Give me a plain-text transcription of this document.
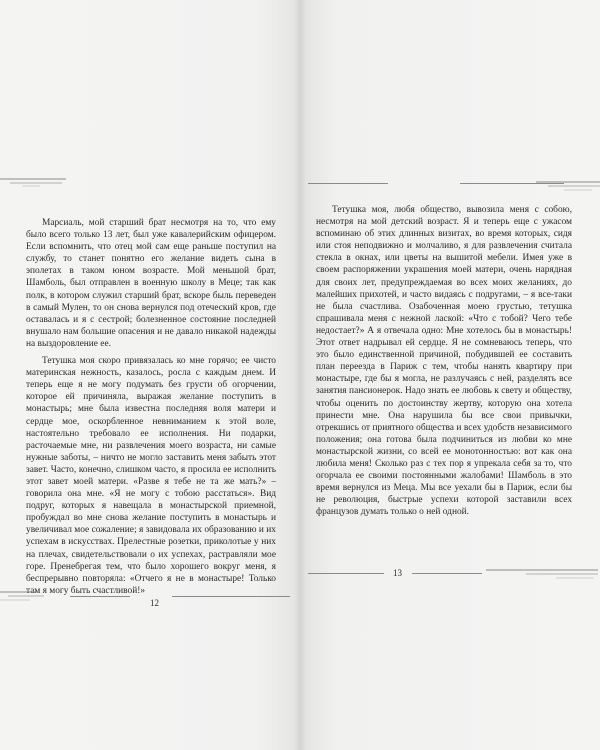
Марсиаль, мой старший брат несмотря на то, что ему было всего только 13 лет, был уже кавалерийским офицером. Если вспомнить, что отец мой сам еще раньше поступил на службу, то станет понятно его желание видеть сына в эполетах в таком юном возрасте. Мой меньшой брат, Шамболь, был отправлен в военную школу в Меце; так как полк, в котором служил старший брат, вскоре быль переведен в самый Мулен, то он снова вернулся под отеческий кров, где оставалась и я с сестрой; болезненное состояние последней внушало нам большие опасения и не давало никакой надежды на выздоровление ее.

Тетушка моя скоро привязалась ко мне горячо; ее чисто материнская нежность, казалось, росла с каждым днем. И теперь еще я не могу подумать без грусти об огорчении, которое ей причиняла, выражая желание поступить в монастырь; мне была известна последняя воля матери и сердце мое, оскорбленное невниманием к этой воле, настоятельно требовало ее исполнения. Ни подарки, расточаемые мне, ни развлечения моего возраста, ни самые нужные заботы, – ничто не могло заставить меня забыть этот завет. Часто, конечно, слишком часто, я просила ее исполнить этот завет моей матери. «Разве я тебе не та же мать?» – говорила она мне. «Я не могу с тобою расстаться». Вид подруг, которых я навещала в монастырской приемной, пробуждал во мне снова желание поступить в монастырь и увеличивал мое сожаление; я завидовала их образованию и их успехам в искусствах. Прелестные розетки, приколотые у них на плечах, свидетельствовали о их успехах, растравляли мое горе. Пренебрегая тем, что было хорошего вокруг меня, я беспрерывно повторяла: «Отчего я не в монастыре! Только там я могу быть счастливой!»

12

Тетушка моя, любя общество, вывозила меня с собою, несмотря на мой детский возраст. Я и теперь еще с ужасом вспоминаю об этих длинных визитах, во время которых, сидя или стоя неподвижно и молчаливо, я для развлечения считала стекла в окнах, или цветы на вышитой мебели. Имея уже в своем распоряжении украшения моей матери, очень нарядная для своих лет, предупреждаемая во всех моих желаниях, до малейших прихотей, и часто видаясь с подругами, – я все-таки не была счастлива. Озабоченная моею грустью, тетушка спрашивала меня с нежной лаской: «Что с тобой? Чего тебе недостает?» А я отвечала одно: Мне хотелось бы в монастырь! Этот ответ надрывал ей сердце. Я не сомневаюсь теперь, что это было единственной причиной, побудившей ее составить план переезда в Париж с тем, чтобы нанять квартиру при монастыре, где бы я могла, не разлучаясь с ней, разделять все занятия пансионерок. Надо знать ее любовь к свету и обществу, чтобы оценить по достоинству жертву, которую она хотела принести мне. Она нарушила бы все свои привычки, отрекшись от приятного общества и всех удобств независимого положения; она готова была подчиниться из любви ко мне монастырской жизни, со всей ее монотонностью: вот как она любила меня! Сколько раз с тех пор я упрекала себя за то, что огорчала ее своими постоянными жалобами! Шамболь в это время вернулся из Меца. Мы все уехали бы в Париж, если бы не революция, быстрые успехи которой заставили всех французов думать только о ней одной.

13
